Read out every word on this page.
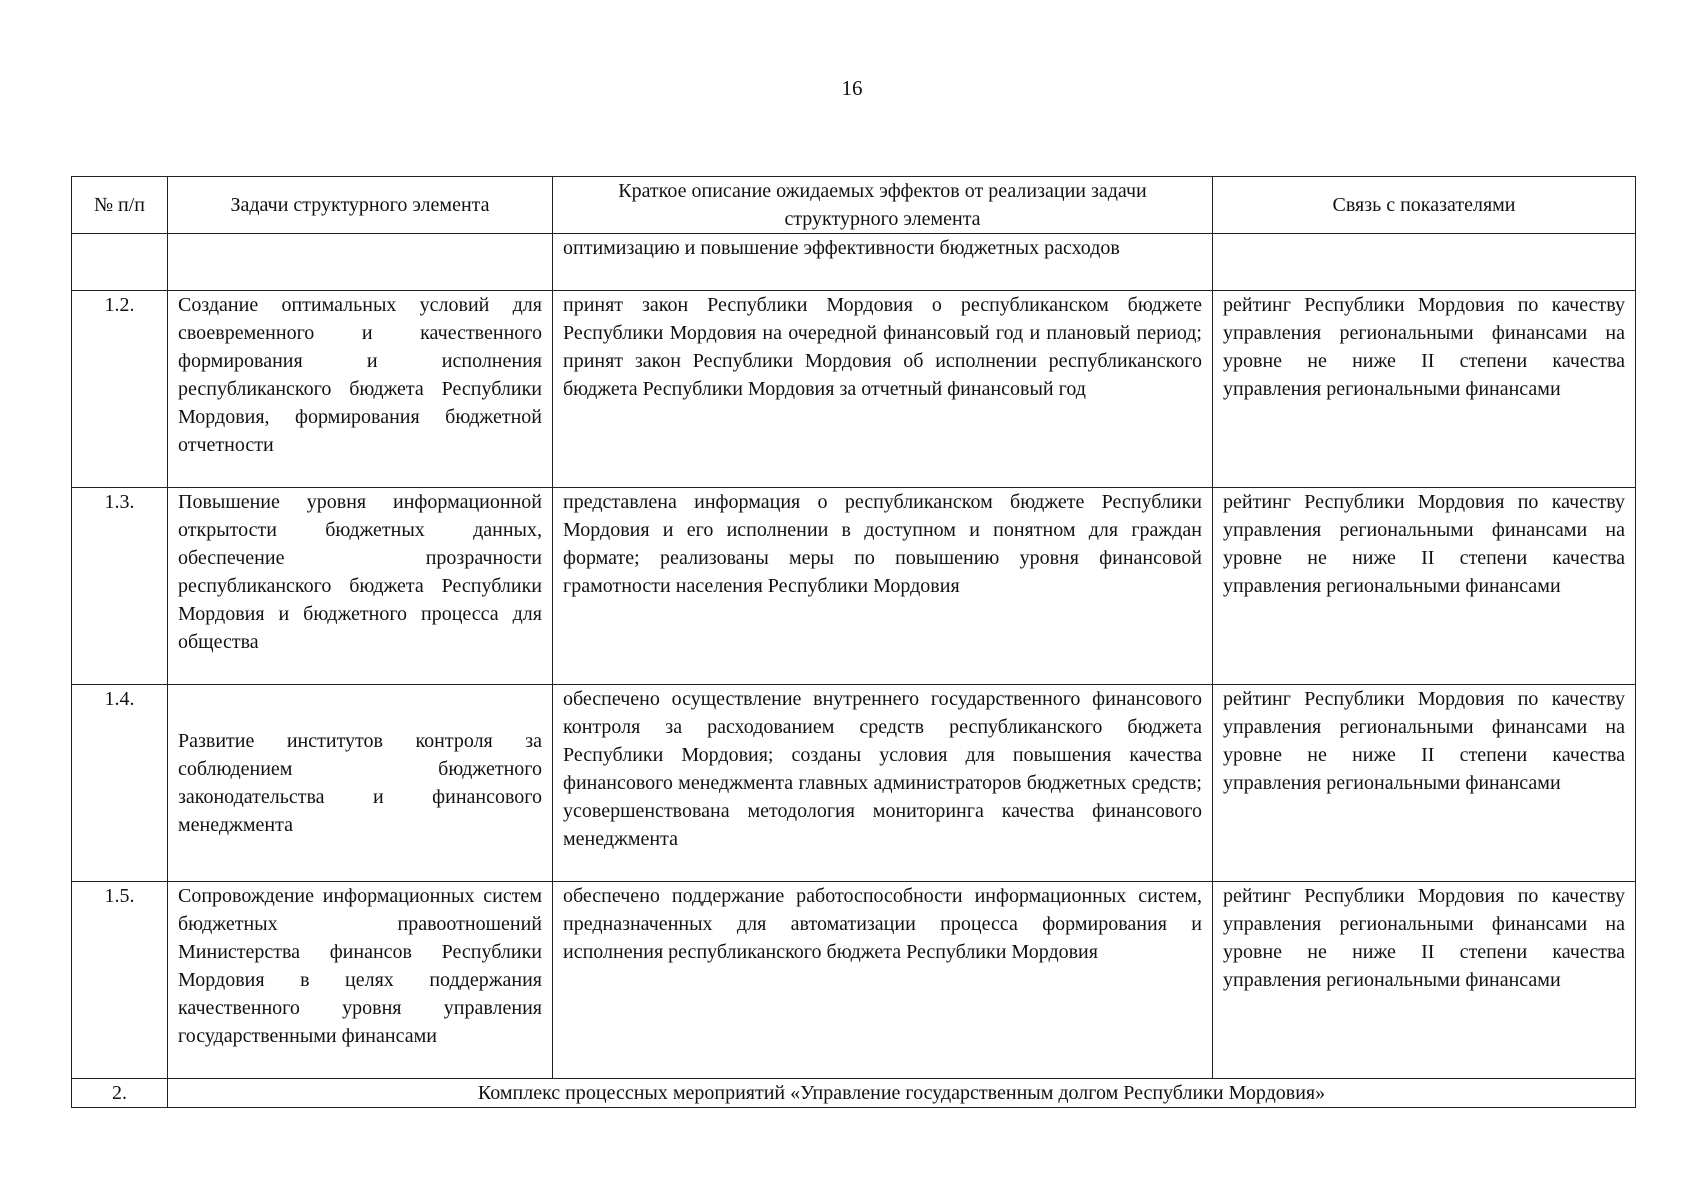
16
№ п/п	Задачи структурного элемента	Краткое описание ожидаемых эффектов от реализации задачи структурного элемента	Связь с показателями
		оптимизацию и повышение эффективности бюджетных расходов	
1.2.	Создание оптимальных условий для своевременного и качественного формирования и исполнения республиканского бюджета Республики Мордовия, формирования бюджетной отчетности	принят закон Республики Мордовия о республиканском бюджете Республики Мордовия на очередной финансовый год и плановый период; принят закон Республики Мордовия об исполнении республиканского бюджета Республики Мордовия за отчетный финансовый год	рейтинг Республики Мордовия по качеству управления региональными финансами на уровне не ниже II степени качества управления региональными финансами
1.3.	Повышение уровня информационной открытости бюджетных данных, обеспечение прозрачности республиканского бюджета Республики Мордовия и бюджетного процесса для общества	представлена информация о республиканском бюджете Республики Мордовия и его исполнении в доступном и понятном для граждан формате; реализованы меры по повышению уровня финансовой грамотности населения Республики Мордовия	рейтинг Республики Мордовия по качеству управления региональными финансами на уровне не ниже II степени качества управления региональными финансами
1.4.	Развитие институтов контроля за соблюдением бюджетного законодательства и финансового менеджмента	обеспечено осуществление внутреннего государственного финансового контроля за расходованием средств республиканского бюджета Республики Мордовия; созданы условия для повышения качества финансового менеджмента главных администраторов бюджетных средств; усовершенствована методология мониторинга качества финансового менеджмента	рейтинг Республики Мордовия по качеству управления региональными финансами на уровне не ниже II степени качества управления региональными финансами
1.5.	Сопровождение информационных систем бюджетных правоотношений Министерства финансов Республики Мордовия в целях поддержания качественного уровня управления государственными финансами	обеспечено поддержание работоспособности информационных систем, предназначенных для автоматизации процесса формирования и исполнения республиканского бюджета Республики Мордовия	рейтинг Республики Мордовия по качеству управления региональными финансами на уровне не ниже II степени качества управления региональными финансами
2.	Комплекс процессных мероприятий «Управление государственным долгом Республики Мордовия»		
